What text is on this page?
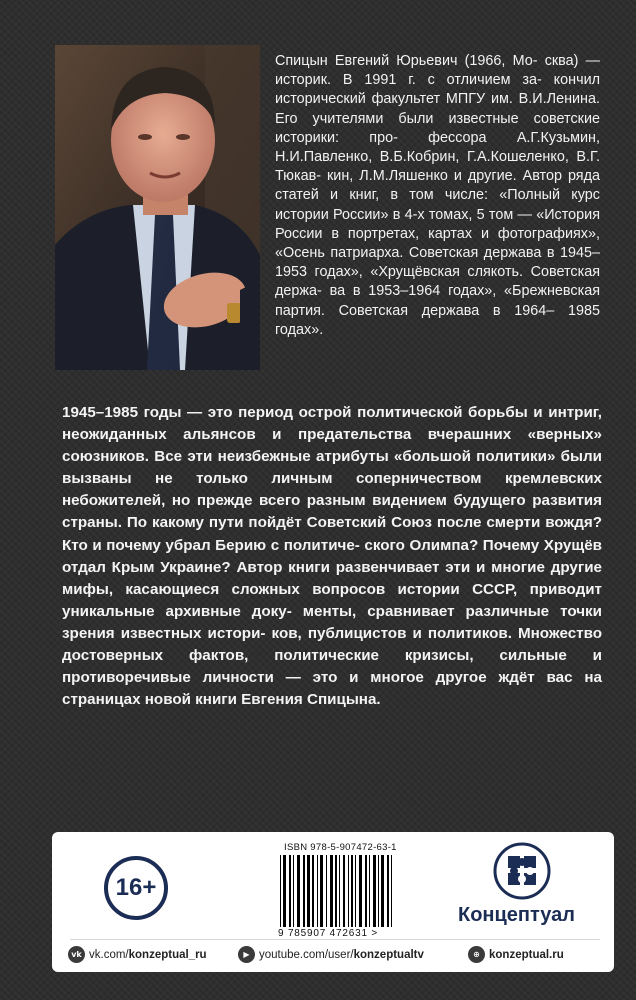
Спицын Евгений Юрьевич (1966, Мо- сква) — историк. В 1991 г. с отличием за- кончил исторический факультет МПГУ им. В.И.Ленина. Его учителями были известные советские историки: про- фессора А.Г.Кузьмин, Н.И.Павленко, В.Б.Кобрин, Г.А.Кошеленко, В.Г. Тюкав- кин, Л.М.Ляшенко и другие. Автор ряда статей и книг, в том числе: «Полный курс истории России» в 4-х томах, 5 том — «История России в портретах, картах и фотографиях», «Осень патриарха. Советская держава в 1945–1953 годах», «Хрущёвская слякоть. Советская держа- ва в 1953–1964 годах», «Брежневская партия. Советская держава в 1964– 1985 годах».

1945–1985 годы — это период острой политической борьбы и интриг, неожиданных альянсов и предательства вчерашних «верных» союзников. Все эти неизбежные атрибуты «большой политики» были вызваны не только личным соперничеством кремлевских небожителей, но прежде всего разным видением будущего развития страны. По какому пути пойдёт Советский Союз после смерти вождя? Кто и почему убрал Берию с политиче- ского Олимпа? Почему Хрущёв отдал Крым Украине? Автор книги развенчивает эти и многие другие мифы, касающиеся сложных вопросов истории СССР, приводит уникальные архивные доку- менты, сравнивает различные точки зрения известных истори- ков, публицистов и политиков. Множество достоверных фактов, политические кризисы, сильные и противоречивые личности — это и многое другое ждёт вас на страницах новой книги Евгения Спицына.

16+
ISBN 978-5-907472-63-1
9 785907 472631 >
Концептуал
vk vk.com/ konzeptual_ru	▶ youtube.com/user/ konzeptualtv	⊕ konzeptual.ru
